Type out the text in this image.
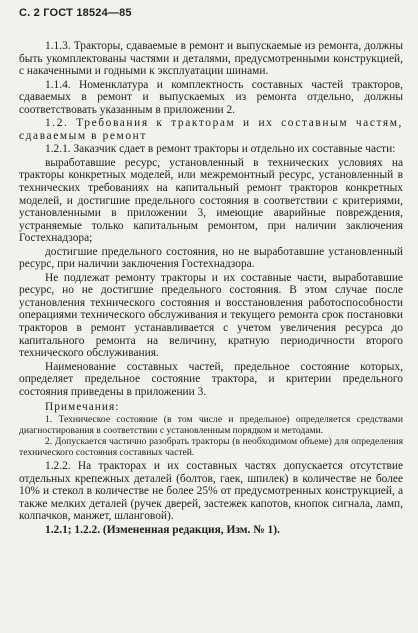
С. 2 ГОСТ 18524—85

1.1.3. Тракторы, сдаваемые в ремонт и выпускаемые из ремонта, должны быть укомплектованы частями и деталями, предусмотренными конструкцией, с накаченными и годными к эксплуатации шинами.

1.1.4. Номенклатура и комплектность составных частей тракторов, сдаваемых в ремонт и выпускаемых из ремонта отдельно, должны соответствовать указанным в приложении 2.

1.2. Требования к тракторам и их составным частям, сдаваемым в ремонт

1.2.1. Заказчик сдает в ремонт тракторы и отдельно их составные части:

выработавшие ресурс, установленный в технических условиях на тракторы конкретных моделей, или межремонтный ресурс, установленный в технических требованиях на капитальный ремонт тракторов конкретных моделей, и достигшие предельного состояния в соответствии с критериями, установленными в приложении 3, имеющие аварийные повреждения, устраняемые только капитальным ремонтом, при наличии заключения Гостехнадзора;

достигшие предельного состояния, но не выработавшие установленный ресурс, при наличии заключения Гостехнадзора.

Не подлежат ремонту тракторы и их составные части, выработавшие ресурс, но не достигшие предельного состояния. В этом случае после установления технического состояния и восстановления работоспособности операциями технического обслуживания и текущего ремонта срок постановки тракторов в ремонт устанавливается с учетом увеличения ресурса до капитального ремонта на величину, кратную периодичности второго технического обслуживания.

Наименование составных частей, предельное состояние которых, определяет предельное состояние трактора, и критерии предельного состояния приведены в приложении 3.

Примечания:

1. Техническое состояние (в том числе и предельное) определяется средствами диагностирования в соответствии с установленным порядком и методами.

2. Допускается частично разобрать тракторы (в необходимом объеме) для определения технического состояния составных частей.

1.2.2. На тракторах и их составных частях допускается отсутствие отдельных крепежных деталей (болтов, гаек, шпилек) в количестве не более 10% и стекол в количестве не более 25% от предусмотренных конструкцией, а также мелких деталей (ручек дверей, застежек капотов, кнопок сигнала, ламп, колпачков, манжет, шланговой).

1.2.1; 1.2.2. (Измененная редакция, Изм. № 1).
